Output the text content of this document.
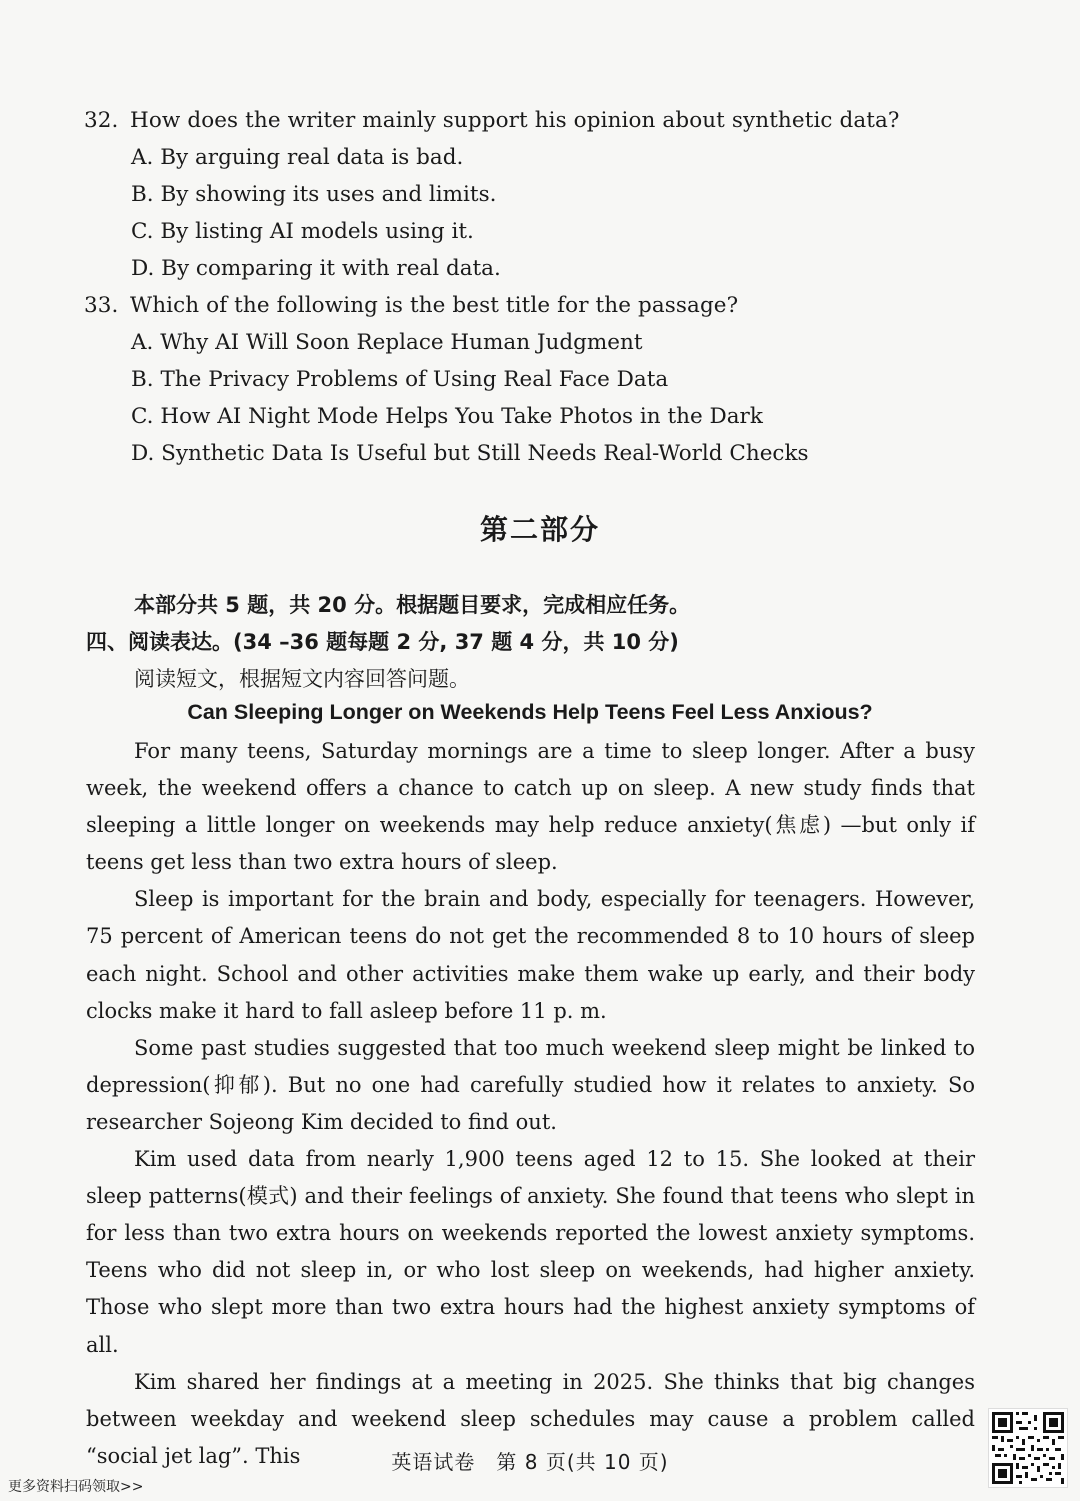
32. How does the writer mainly support his opinion about synthetic data?
A. By arguing real data is bad.
B. By showing its uses and limits.
C. By listing AI models using it.
D. By comparing it with real data.
33. Which of the following is the best title for the passage?
A. Why AI Will Soon Replace Human Judgment
B. The Privacy Problems of Using Real Face Data
C. How AI Night Mode Helps You Take Photos in the Dark
D. Synthetic Data Is Useful but Still Needs Real-World Checks
第二部分
本部分共 5 题，共 20 分。根据题目要求，完成相应任务。
四、阅读表达。(34 –36 题每题 2 分, 37 题 4 分，共 10 分)
阅读短文，根据短文内容回答问题。
Can Sleeping Longer on Weekends Help Teens Feel Less Anxious?

For many teens, Saturday mornings are a time to sleep longer. After a busy week, the weekend offers a chance to catch up on sleep. A new study finds that sleeping a little longer on weekends may help reduce anxiety(焦虑) —but only if teens get less than two extra hours of sleep.

Sleep is important for the brain and body, especially for teenagers. However, 75 percent of American teens do not get the recommended 8 to 10 hours of sleep each night. School and other activities make them wake up early, and their body clocks make it hard to fall asleep before 11 p. m.

Some past studies suggested that too much weekend sleep might be linked to depression(抑郁). But no one had carefully studied how it relates to anxiety. So researcher Sojeong Kim decided to find out.

Kim used data from nearly 1,900 teens aged 12 to 15. She looked at their sleep patterns(模式) and their feelings of anxiety. She found that teens who slept in for less than two extra hours on weekends reported the lowest anxiety symptoms. Teens who did not sleep in, or who lost sleep on weekends, had higher anxiety. Those who slept more than two extra hours had the highest anxiety symptoms of all.

Kim shared her findings at a meeting in 2025. She thinks that big changes between weekday and weekend sleep schedules may cause a problem called “social jet lag”. This	英语试卷　第 8 页(共 10 页)
更多资料扫码领取>>
